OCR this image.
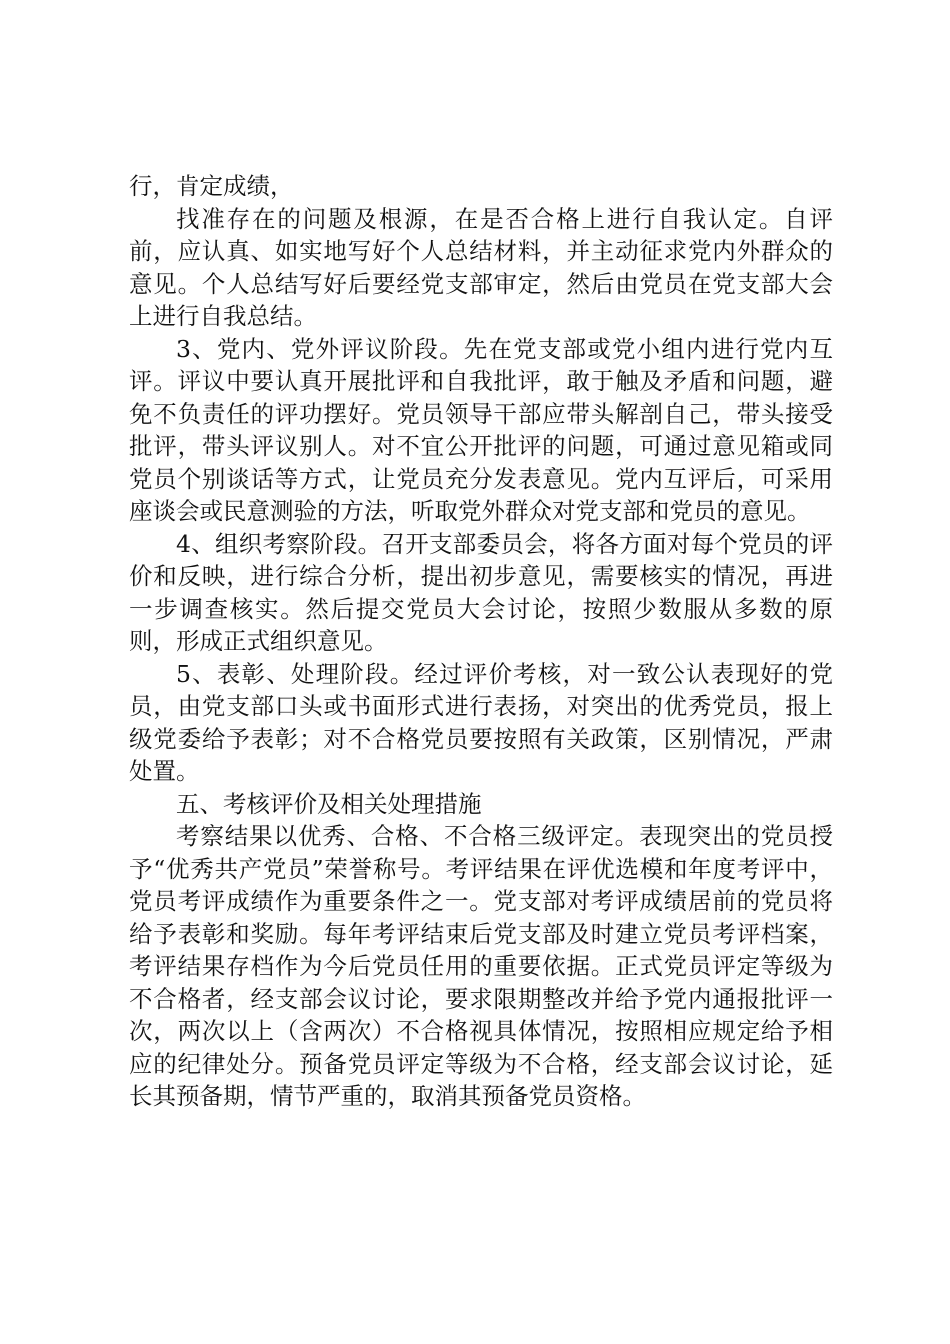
行，肯定成绩，

找准存在的问题及根源，在是否合格上进行自我认定。自评前，应认真、如实地写好个人总结材料，并主动征求党内外群众的意见。个人总结写好后要经党支部审定，然后由党员在党支部大会上进行自我总结。

3、党内、党外评议阶段。先在党支部或党小组内进行党内互评。评议中要认真开展批评和自我批评，敢于触及矛盾和问题，避免不负责任的评功摆好。党员领导干部应带头解剖自己，带头接受批评，带头评议别人。对不宜公开批评的问题，可通过意见箱或同党员个别谈话等方式，让党员充分发表意见。党内互评后，可采用座谈会或民意测验的方法，听取党外群众对党支部和党员的意见。

4、组织考察阶段。召开支部委员会，将各方面对每个党员的评价和反映，进行综合分析，提出初步意见，需要核实的情况，再进一步调查核实。然后提交党员大会讨论，按照少数服从多数的原则，形成正式组织意见。

5、表彰、处理阶段。经过评价考核，对一致公认表现好的党员，由党支部口头或书面形式进行表扬，对突出的优秀党员，报上级党委给予表彰；对不合格党员要按照有关政策，区别情况，严肃处置。

五、考核评价及相关处理措施

考察结果以优秀、合格、不合格三级评定。表现突出的党员授予“优秀共产党员”荣誉称号。考评结果在评优选模和年度考评中，党员考评成绩作为重要条件之一。党支部对考评成绩居前的党员将给予表彰和奖励。每年考评结束后党支部及时建立党员考评档案，考评结果存档作为今后党员任用的重要依据。正式党员评定等级为不合格者，经支部会议讨论，要求限期整改并给予党内通报批评一次，两次以上（含两次）不合格视具体情况，按照相应规定给予相应的纪律处分。预备党员评定等级为不合格，经支部会议讨论，延长其预备期，情节严重的，取消其预备党员资格。
